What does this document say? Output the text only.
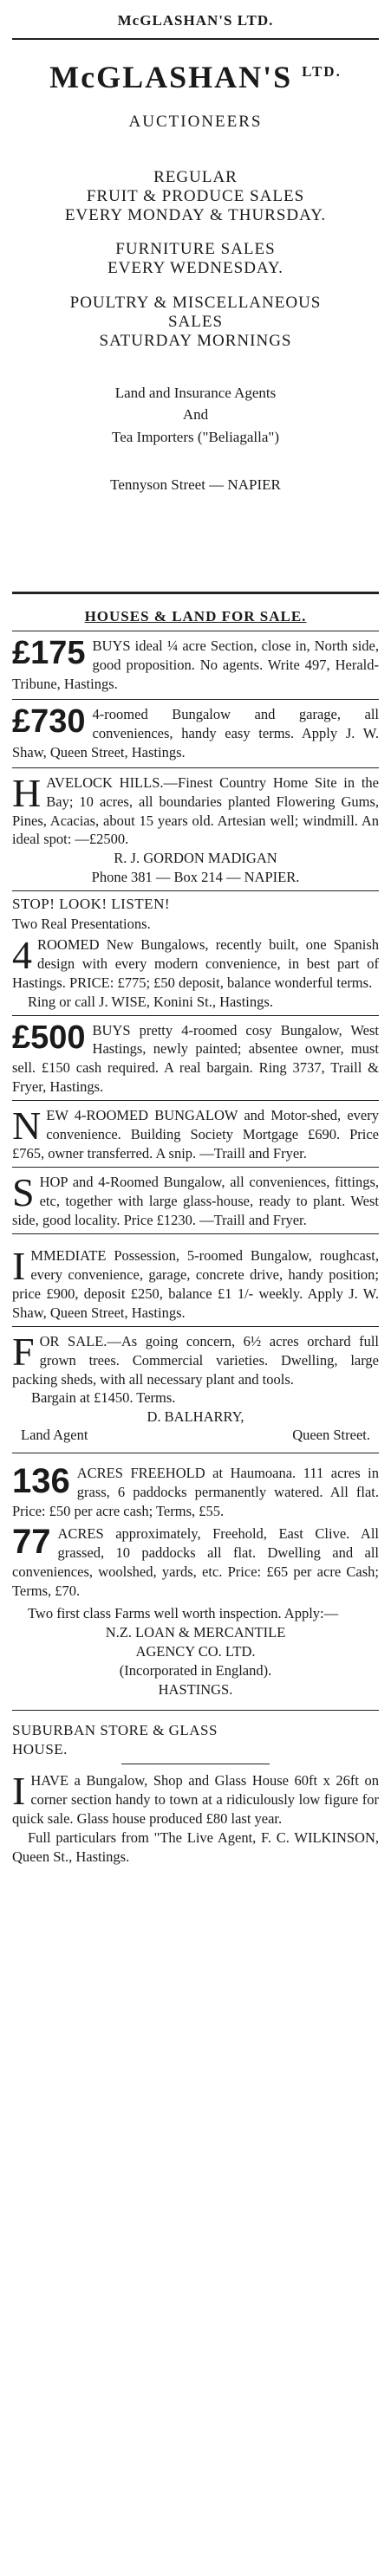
McGLASHAN'S LTD.
McGLASHAN'S $^{LTD.}$
AUCTIONEERS
REGULAR
FRUIT & PRODUCE SALES
EVERY MONDAY & THURSDAY.
FURNITURE SALES
EVERY WEDNESDAY.
POULTRY & MISCELLANEOUS
SALES
SATURDAY MORNINGS
Land and Insurance Agents
And
Tea Importers ("Beliagalla")
Tennyson Street — NAPIER
HOUSES & LAND FOR SALE.
£175 BUYS ideal ¼ acre Section, close in, North side, good proposition. No agents. Write 497, Herald-Tribune, Hastings.
£730 4-roomed Bungalow and garage, all conveniences, handy easy terms. Apply J. W. Shaw, Queen Street, Hastings.
HAVELOCK HILLS.—Finest Country Home Site in the Bay; 10 acres, all boundaries planted Flowering Gums, Pines, Acacias, about 15 years old. Artesian well; windmill. An ideal spot: —£2500.
R. J. GORDON MADIGAN
Phone 381 — Box 214 — NAPIER.
STOP! LOOK! LISTEN!
Two Real Presentations.
4 ROOMED New Bungalows, recently built, one Spanish design with every modern convenience, in best part of Hastings. PRICE: £775; £50 deposit, balance wonderful terms.
Ring or call J. WISE, Konini St., Hastings.
£500 BUYS pretty 4-roomed cosy Bungalow, West Hastings, newly painted; absentee owner, must sell. £150 cash required. A real bargain. Ring 3737, Traill & Fryer, Hastings.
NEW 4-ROOMED BUNGALOW and Motor-shed, every convenience. Building Society Mortgage £690. Price £765, owner transferred. A snip. —Traill and Fryer.
SHOP and 4-Roomed Bungalow, all conveniences, fittings, etc, together with large glass-house, ready to plant. West side, good locality. Price £1230. —Traill and Fryer.
IMMEDIATE Possession, 5-roomed Bungalow, roughcast, every convenience, garage, concrete drive, handy position; price £900, deposit £250, balance £1 1/- weekly. Apply J. W. Shaw, Queen Street, Hastings.
FOR SALE.—As going concern, 6½ acres orchard full grown trees. Commercial varieties. Dwelling, large packing sheds, with all necessary plant and tools.
Bargain at £1450. Terms.
D. BALHARRY,
Land Agent	Queen Street.
136 ACRES FREEHOLD at Haumoana. 111 acres in grass, 6 paddocks permanently watered. All flat. Price: £50 per acre cash; Terms, £55.
77 ACRES approximately, Freehold, East Clive. All grassed, 10 paddocks all flat. Dwelling and all conveniences, woolshed, yards, etc. Price: £65 per acre Cash; Terms, £70.
Two first class Farms well worth inspection. Apply:—
N.Z. LOAN & MERCANTILE
AGENCY CO. LTD.
(Incorporated in England).
HASTINGS.
SUBURBAN STORE & GLASS
HOUSE.
IHAVE a Bungalow, Shop and Glass House 60ft x 26ft on corner section handy to town at a ridiculously low figure for quick sale. Glass house produced £80 last year.
Full particulars from "The Live Agent, F. C. WILKINSON, Queen St., Hastings.
